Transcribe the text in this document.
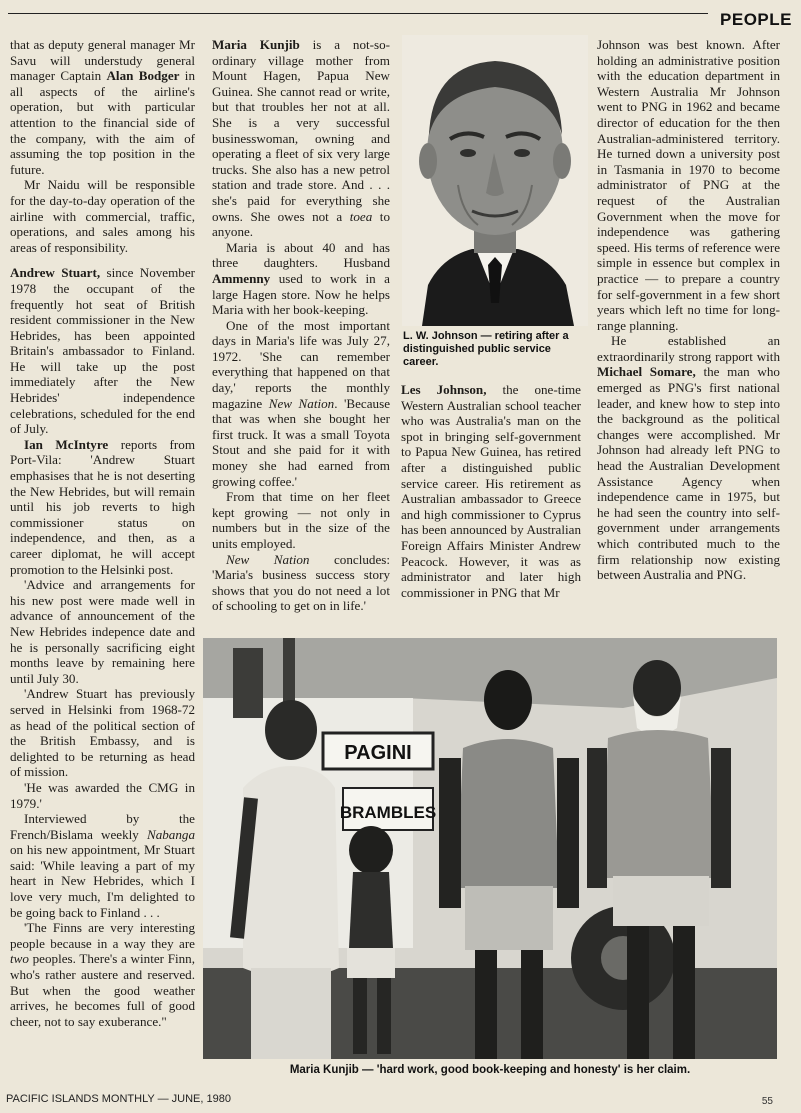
PEOPLE

that as deputy general manager Mr Savu will understudy general manager Captain Alan Bodger in all aspects of the airline's operation, but with particular attention to the financial side of the company, with the aim of assuming the top position in the future.

Mr Naidu will be responsible for the day-to-day operation of the airline with commercial, traffic, operations, and sales among his areas of responsibility.

Andrew Stuart, since November 1978 the occupant of the frequently hot seat of British resident commissioner in the New Hebrides, has been appointed Britain's ambassador to Finland. He will take up the post immediately after the New Hebrides' independence celebrations, scheduled for the end of July.

Ian McIntyre reports from Port-Vila: 'Andrew Stuart emphasises that he is not deserting the New Hebrides, but will remain until his job reverts to high commissioner status on independence, and then, as a career diplomat, he will accept promotion to the Helsinki post.

'Advice and arrangements for his new post were made well in advance of announcement of the New Hebrides indepence date and he is personally sacrificing eight months leave by remaining here until July 30.

'Andrew Stuart has previously served in Helsinki from 1968-72 as head of the political section of the British Embassy, and is delighted to be returning as head of mission.

'He was awarded the CMG in 1979.'

Interviewed by the French/Bislama weekly Nabanga on his new appointment, Mr Stuart said: 'While leaving a part of my heart in New Hebrides, which I love very much, I'm delighted to be going back to Finland . . .

'The Finns are very interesting people because in a way they are two peoples. There's a winter Finn, who's rather austere and reserved. But when the good weather arrives, he becomes full of good cheer, not to say exuberance."

Maria Kunjib is a not-so-ordinary village mother from Mount Hagen, Papua New Guinea. She cannot read or write, but that troubles her not at all. She is a very successful businesswoman, owning and operating a fleet of six very large trucks. She also has a new petrol station and trade store. And . . . she's paid for everything she owns. She owes not a toea to anyone.

Maria is about 40 and has three daughters. Husband Ammenny used to work in a large Hagen store. Now he helps Maria with her book-keeping.

One of the most important days in Maria's life was July 27, 1972. 'She can remember everything that happened on that day,' reports the monthly magazine New Nation. 'Because that was when she bought her first truck. It was a small Toyota Stout and she paid for it with money she had earned from growing coffee.'

From that time on her fleet kept growing — not only in numbers but in the size of the units employed.

New Nation concludes: 'Maria's business success story shows that you do not need a lot of schooling to get on in life.'

L. W. Johnson — retiring after a distinguished public service career.

Les Johnson, the one-time Western Australian school teacher who was Australia's man on the spot in bringing self-government to Papua New Guinea, has retired after a distinguished public service career. His retirement as Australian ambassador to Greece and high commissioner to Cyprus has been announced by Australian Foreign Affairs Minister Andrew Peacock. However, it was as administrator and later high commissioner in PNG that Mr

Johnson was best known. After holding an administrative position with the education department in Western Australia Mr Johnson went to PNG in 1962 and became director of education for the then Australian-administered territory. He turned down a university post in Tasmania in 1970 to become administrator of PNG at the request of the Australian Government when the move for independence was gathering speed. His terms of reference were simple in essence but complex in practice — to prepare a country for self-government in a few short years which left no time for long-range planning.

He established an extraordinarily strong rapport with Michael Somare, the man who emerged as PNG's first national leader, and knew how to step into the background as the political changes were accomplished. Mr Johnson had already left PNG to head the Australian Development Assistance Agency when independence came in 1975, but he had seen the country into self-government under arrangements which contributed much to the firm relationship now existing between Australia and PNG.

PAGINI
BRAMBLES
Maria Kunjib — 'hard work, good book-keeping and honesty' is her claim.
PACIFIC ISLANDS MONTHLY — JUNE, 1980	55
